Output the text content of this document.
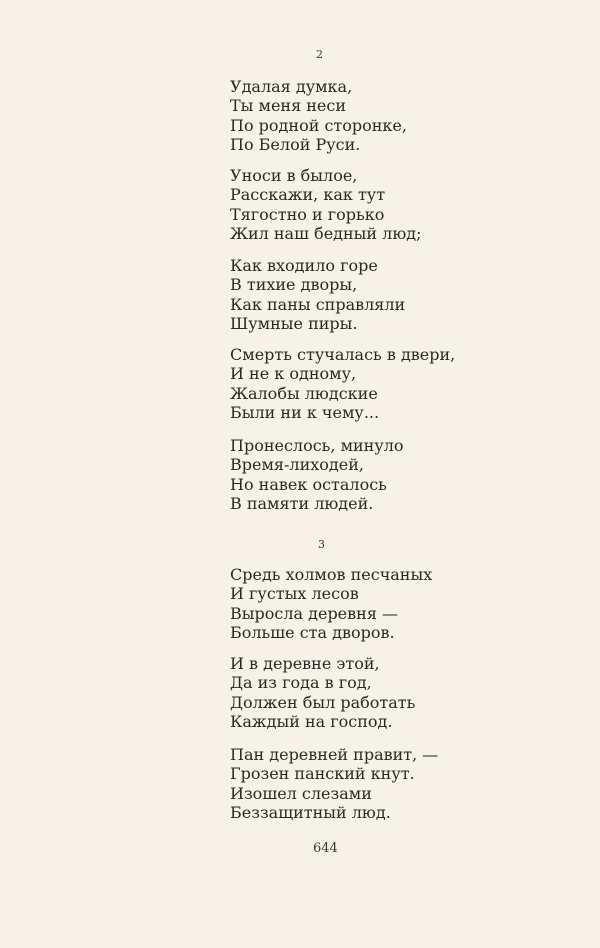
2
Удалая думка,
Ты меня неси
По родной сторонке,
По Белой Руси.
Уноси в былое,
Расскажи, как тут
Тягостно и горько
Жил наш бедный люд;
Как входило горе
В тихие дворы,
Как паны справляли
Шумные пиры.
Смерть стучалась в двери,
И не к одному,
Жалобы людские
Были ни к чему...
Пронеслось, минуло
Время-лиходей,
Но навек осталось
В памяти людей.
3
Средь холмов песчаных
И густых лесов
Выросла деревня —
Больше ста дворов.
И в деревне этой,
Да из года в год,
Должен был работать
Каждый на господ.
Пан деревней правит, —
Грозен панский кнут.
Изошел слезами
Беззащитный люд.
644
